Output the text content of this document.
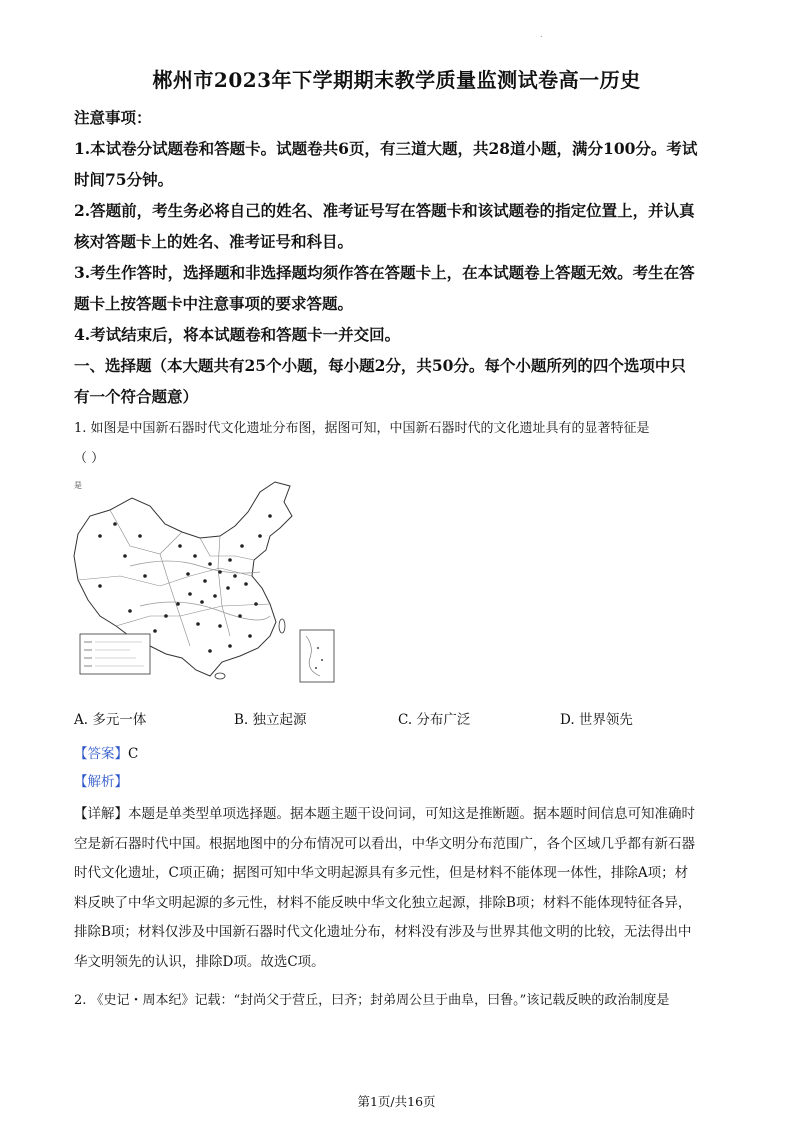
.
郴州市2023年下学期期末教学质量监测试卷高一历史
注意事项：
1.本试卷分试题卷和答题卡。试题卷共6页，有三道大题，共28道小题，满分100分。考试
时间75分钟。
2.答题前，考生务必将自己的姓名、准考证号写在答题卡和该试题卷的指定位置上，并认真
核对答题卡上的姓名、准考证号和科目。
3.考生作答时，选择题和非选择题均须作答在答题卡上，在本试题卷上答题无效。考生在答
题卡上按答题卡中注意事项的要求答题。
4.考试结束后，将本试题卷和答题卡一并交回。
一、选择题（本大题共有25个小题，每小题2分，共50分。每个小题所列的四个选项中只
有一个符合题意）
1. 如图是中国新石器时代文化遗址分布图，据图可知，中国新石器时代的文化遗址具有的显著特征是
（ ）
是
A. 多元一体	B. 独立起源	C. 分布广泛	D. 世界领先
【答案】C
【解析】
【详解】本题是单类型单项选择题。据本题主题干设问词，可知这是推断题。据本题时间信息可知准确时
空是新石器时代中国。根据地图中的分布情况可以看出，中华文明分布范围广，各个区域几乎都有新石器
时代文化遗址，C项正确；据图可知中华文明起源具有多元性，但是材料不能体现一体性，排除A项；材
料反映了中华文明起源的多元性，材料不能反映中华文化独立起源，排除B项；材料不能体现特征各异，
排除B项；材料仅涉及中国新石器时代文化遗址分布，材料没有涉及与世界其他文明的比较，无法得出中
华文明领先的认识，排除D项。故选C项。
2. 《史记・周本纪》记载：“封尚父于营丘，曰齐；封弟周公旦于曲阜，曰鲁。”该记载反映的政治制度是
第1页/共16页
